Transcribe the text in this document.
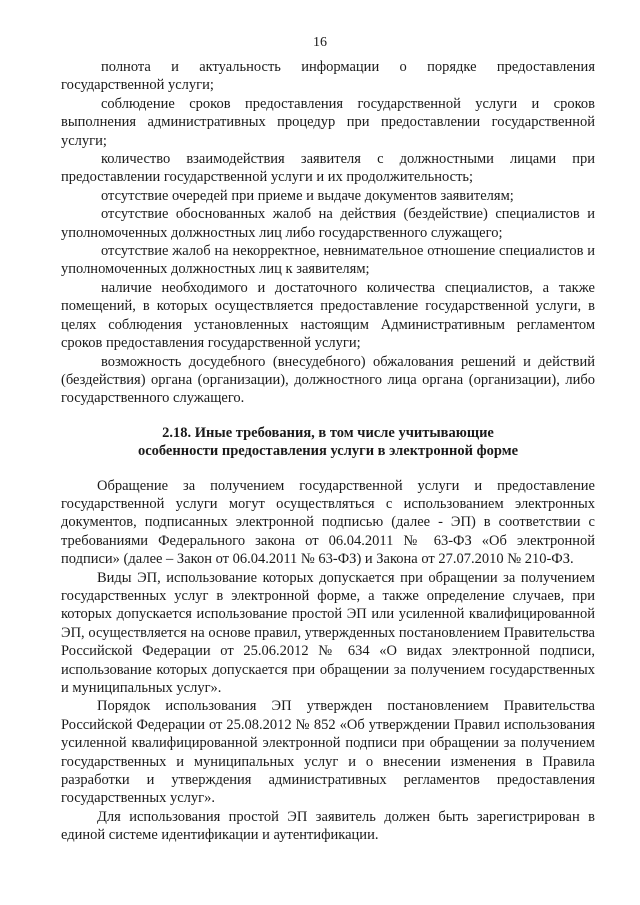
16

полнота и актуальность информации о порядке предоставления государственной услуги;

соблюдение сроков предоставления государственной услуги и сроков выполнения административных процедур при предоставлении государственной услуги;

количество взаимодействия заявителя с должностными лицами при предоставлении государственной услуги и их продолжительность;

отсутствие очередей при приеме и выдаче документов заявителям;

отсутствие обоснованных жалоб на действия (бездействие) специалистов и уполномоченных должностных лиц либо государственного служащего;

отсутствие жалоб на некорректное, невнимательное отношение специалистов и уполномоченных должностных лиц к заявителям;

наличие необходимого и достаточного количества специалистов, а также помещений, в которых осуществляется предоставление государственной услуги, в целях соблюдения установленных настоящим Административным регламентом сроков предоставления государственной услуги;

возможность досудебного (внесудебного) обжалования решений и действий (бездействия) органа (организации), должностного лица органа (организации), либо государственного служащего.

2.18. Иные требования, в том числе учитывающие
особенности предоставления услуги в электронной форме

Обращение за получением государственной услуги и предоставление государственной услуги могут осуществляться с использованием электронных документов, подписанных электронной подписью (далее - ЭП) в соответствии с требованиями Федерального закона от 06.04.2011 № 63-ФЗ «Об электронной подписи» (далее – Закон от 06.04.2011 № 63-ФЗ) и Закона от 27.07.2010 № 210-ФЗ.

Виды ЭП, использование которых допускается при обращении за получением государственных услуг в электронной форме, а также определение случаев, при которых допускается использование простой ЭП или усиленной квалифицированной ЭП, осуществляется на основе правил, утвержденных постановлением Правительства Российской Федерации от 25.06.2012 № 634 «О видах электронной подписи, использование которых допускается при обращении за получением государственных и муниципальных услуг».

Порядок использования ЭП утвержден постановлением Правительства Российской Федерации от 25.08.2012 № 852 «Об утверждении Правил использования усиленной квалифицированной электронной подписи при обращении за получением государственных и муниципальных услуг и о внесении изменения в Правила разработки и утверждения административных регламентов предоставления государственных услуг».

Для использования простой ЭП заявитель должен быть зарегистрирован в единой системе идентификации и аутентификации.
